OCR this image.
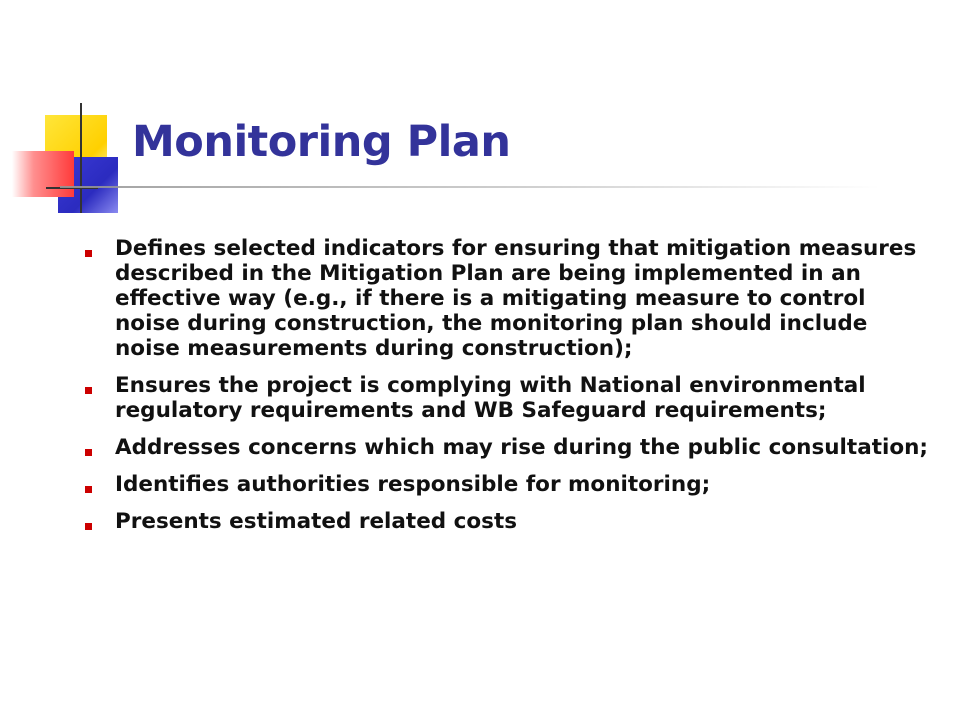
Monitoring Plan
Defines selected indicators for ensuring that mitigation measures described in the Mitigation Plan are being implemented in an effective way (e.g., if there is a mitigating measure to control noise during construction, the monitoring plan should include noise measurements during construction);
Ensures the project is complying with National environmental regulatory requirements and WB Safeguard requirements;
Addresses concerns which may rise during the public consultation;
Identifies authorities responsible for monitoring;
Presents estimated related costs
